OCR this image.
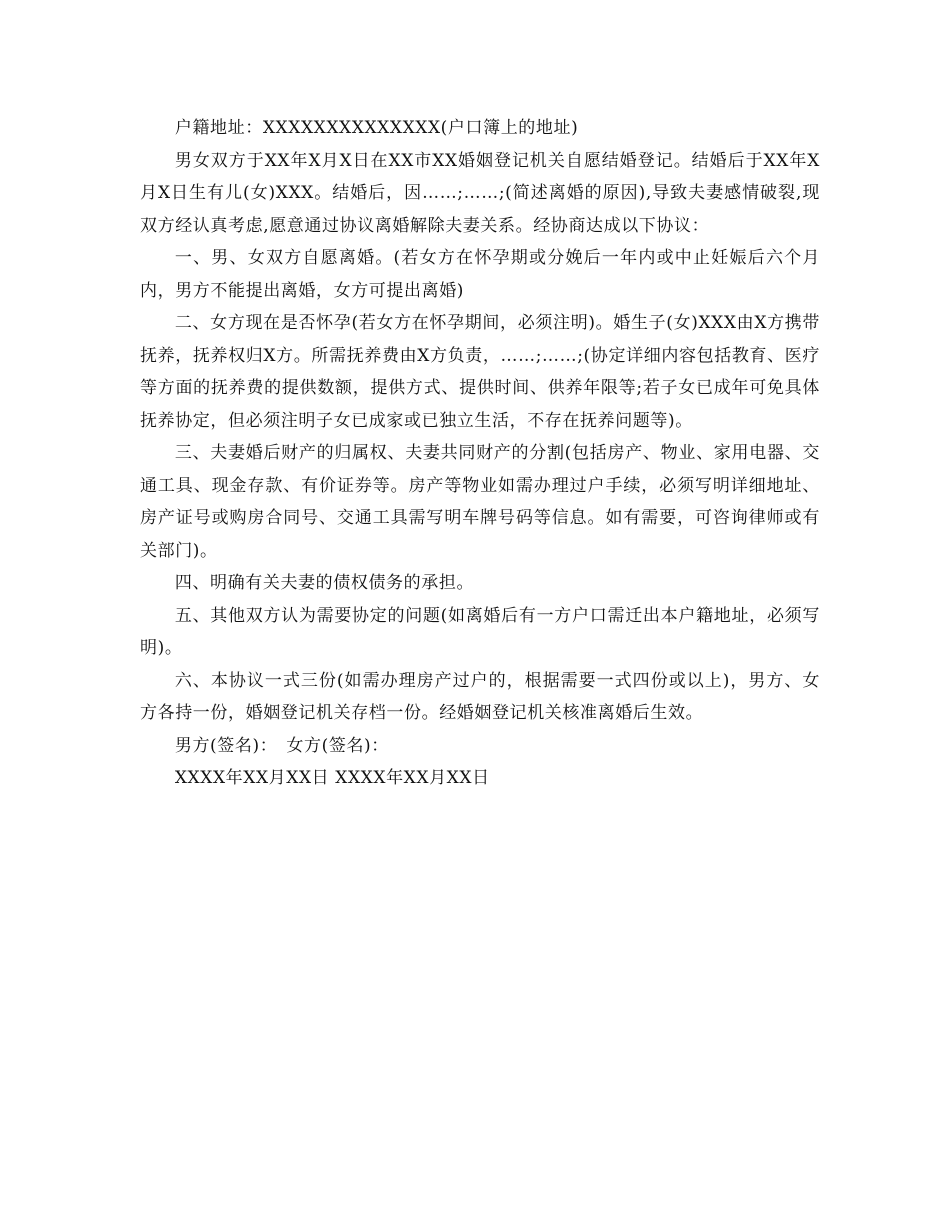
户籍地址：XXXXXXXXXXXXXX(户口簿上的地址)

男女双方于XX年X月X日在XX市XX婚姻登记机关自愿结婚登记。结婚后于XX年X月X日生有儿(女)XXX。结婚后，因……;……;(简述离婚的原因),导致夫妻感情破裂,现双方经认真考虑,愿意通过协议离婚解除夫妻关系。经协商达成以下协议：

一、男、女双方自愿离婚。(若女方在怀孕期或分娩后一年内或中止妊娠后六个月内，男方不能提出离婚，女方可提出离婚)

二、女方现在是否怀孕(若女方在怀孕期间，必须注明)。婚生子(女)XXX由X方携带抚养，抚养权归X方。所需抚养费由X方负责，……;……;(协定详细内容包括教育、医疗等方面的抚养费的提供数额，提供方式、提供时间、供养年限等;若子女已成年可免具体抚养协定，但必须注明子女已成家或已独立生活，不存在抚养问题等)。

三、夫妻婚后财产的归属权、夫妻共同财产的分割(包括房产、物业、家用电器、交通工具、现金存款、有价证券等。房产等物业如需办理过户手续，必须写明详细地址、房产证号或购房合同号、交通工具需写明车牌号码等信息。如有需要，可咨询律师或有关部门)。

四、明确有关夫妻的债权债务的承担。

五、其他双方认为需要协定的问题(如离婚后有一方户口需迁出本户籍地址，必须写明)。

六、本协议一式三份(如需办理房产过户的，根据需要一式四份或以上)，男方、女方各持一份，婚姻登记机关存档一份。经婚姻登记机关核准离婚后生效。

男方(签名)：　女方(签名)：

XXXX年XX月XX日 XXXX年XX月XX日
